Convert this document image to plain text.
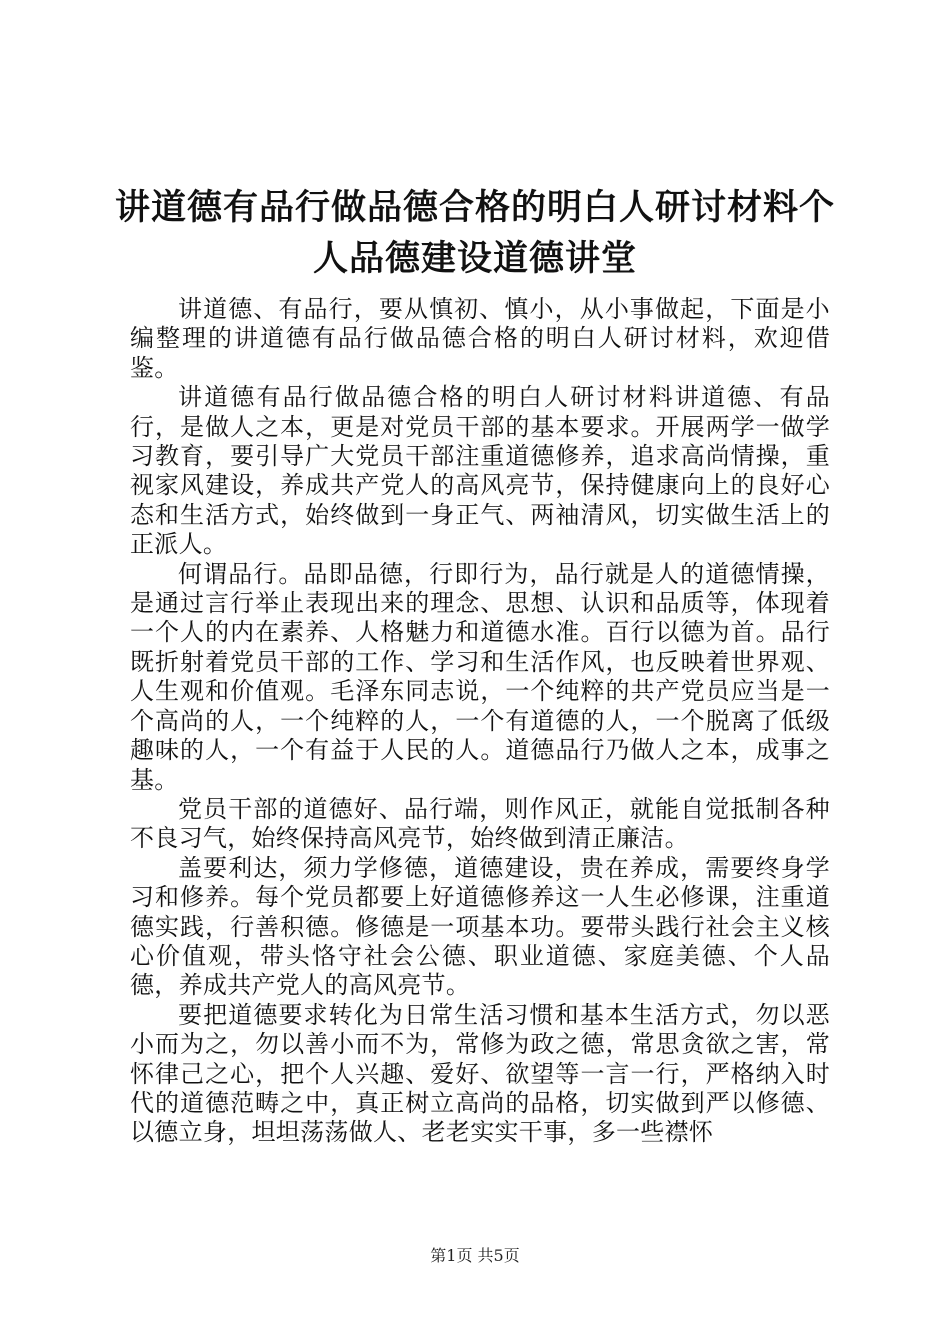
讲道德有品行做品德合格的明白人研讨材料个人品德建设道德讲堂

讲道德、有品行，要从慎初、慎小，从小事做起，下面是小编整理的讲道德有品行做品德合格的明白人研讨材料，欢迎借鉴。

讲道德有品行做品德合格的明白人研讨材料讲道德、有品行，是做人之本，更是对党员干部的基本要求。开展两学一做学习教育，要引导广大党员干部注重道德修养，追求高尚情操，重视家风建设，养成共产党人的高风亮节，保持健康向上的良好心态和生活方式，始终做到一身正气、两袖清风，切实做生活上的正派人。

何谓品行。品即品德，行即行为，品行就是人的道德情操，是通过言行举止表现出来的理念、思想、认识和品质等，体现着一个人的内在素养、人格魅力和道德水准。百行以德为首。品行既折射着党员干部的工作、学习和生活作风，也反映着世界观、人生观和价值观。毛泽东同志说，一个纯粹的共产党员应当是一个高尚的人，一个纯粹的人，一个有道德的人，一个脱离了低级趣味的人，一个有益于人民的人。道德品行乃做人之本，成事之基。

党员干部的道德好、品行端，则作风正，就能自觉抵制各种不良习气，始终保持高风亮节，始终做到清正廉洁。

盖要利达，须力学修德，道德建设，贵在养成，需要终身学习和修养。每个党员都要上好道德修养这一人生必修课，注重道德实践，行善积德。修德是一项基本功。要带头践行社会主义核心价值观，带头恪守社会公德、职业道德、家庭美德、个人品德，养成共产党人的高风亮节。

要把道德要求转化为日常生活习惯和基本生活方式，勿以恶小而为之，勿以善小而不为，常修为政之德，常思贪欲之害，常怀律己之心，把个人兴趣、爱好、欲望等一言一行，严格纳入时代的道德范畴之中，真正树立高尚的品格，切实做到严以修德、以德立身，坦坦荡荡做人、老老实实干事，多一些襟怀

第1页 共5页
